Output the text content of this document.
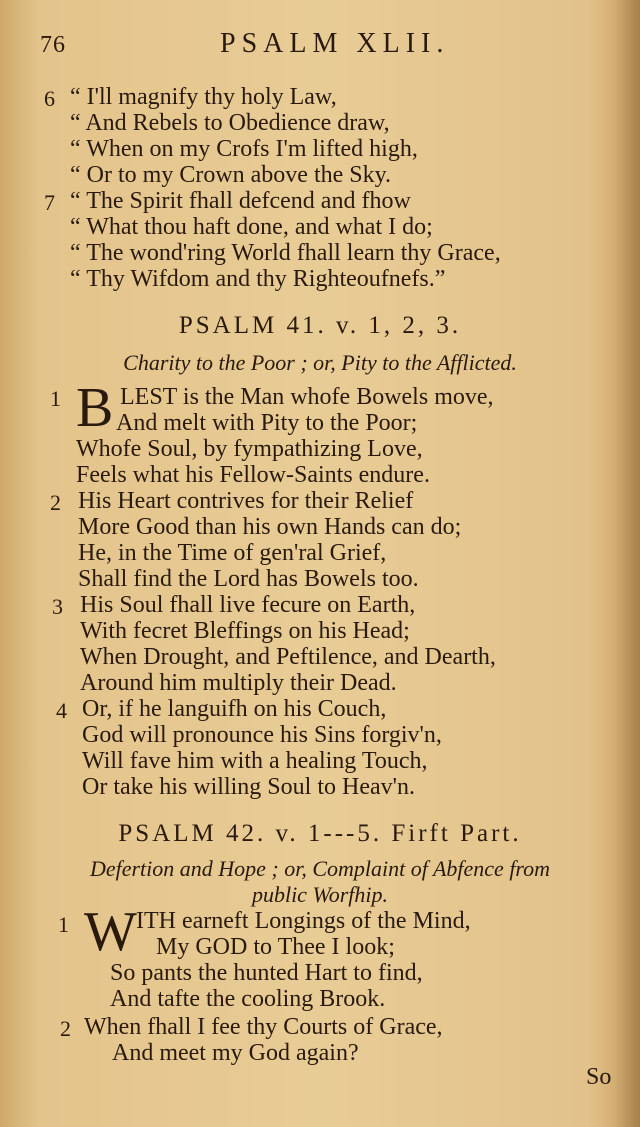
76	PSALM XLII.
6
7
“ I'll magnify thy holy Law,
“ And Rebels to Obedience draw,
“ When on my Crofs I'm lifted high,
“ Or to my Crown above the Sky.
“ The Spirit fhall defcend and fhow
“ What thou haft done, and what I do;
“ The wond'ring World fhall learn thy Grace,
“ Thy Wifdom and thy Righteoufnefs.”
PSALM 41. v. 1, 2, 3.
Charity to the Poor ; or, Pity to the Afflicted.
1 B LEST is the Man whofe Bowels move,
And melt with Pity to the Poor;
Whofe Soul, by fympathizing Love,
Feels what his Fellow-Saints endure.
2 His Heart contrives for their Relief
More Good than his own Hands can do;
He, in the Time of gen'ral Grief,
Shall find the Lord has Bowels too.
3 His Soul fhall live fecure on Earth,
With fecret Bleffings on his Head;
When Drought, and Peftilence, and Dearth,
Around him multiply their Dead.
4 Or, if he languifh on his Couch,
God will pronounce his Sins forgiv'n,
Will fave him with a healing Touch,
Or take his willing Soul to Heav'n.
PSALM 42. v. 1---5. Firft Part.
Defertion and Hope ; or, Complaint of Abfence from
public Worfhip.
1 W ITH earneft Longings of the Mind,
My GOD to Thee I look;
So pants the hunted Hart to find,
And tafte the cooling Brook.
2 When fhall I fee thy Courts of Grace,
And meet my God again?
So
